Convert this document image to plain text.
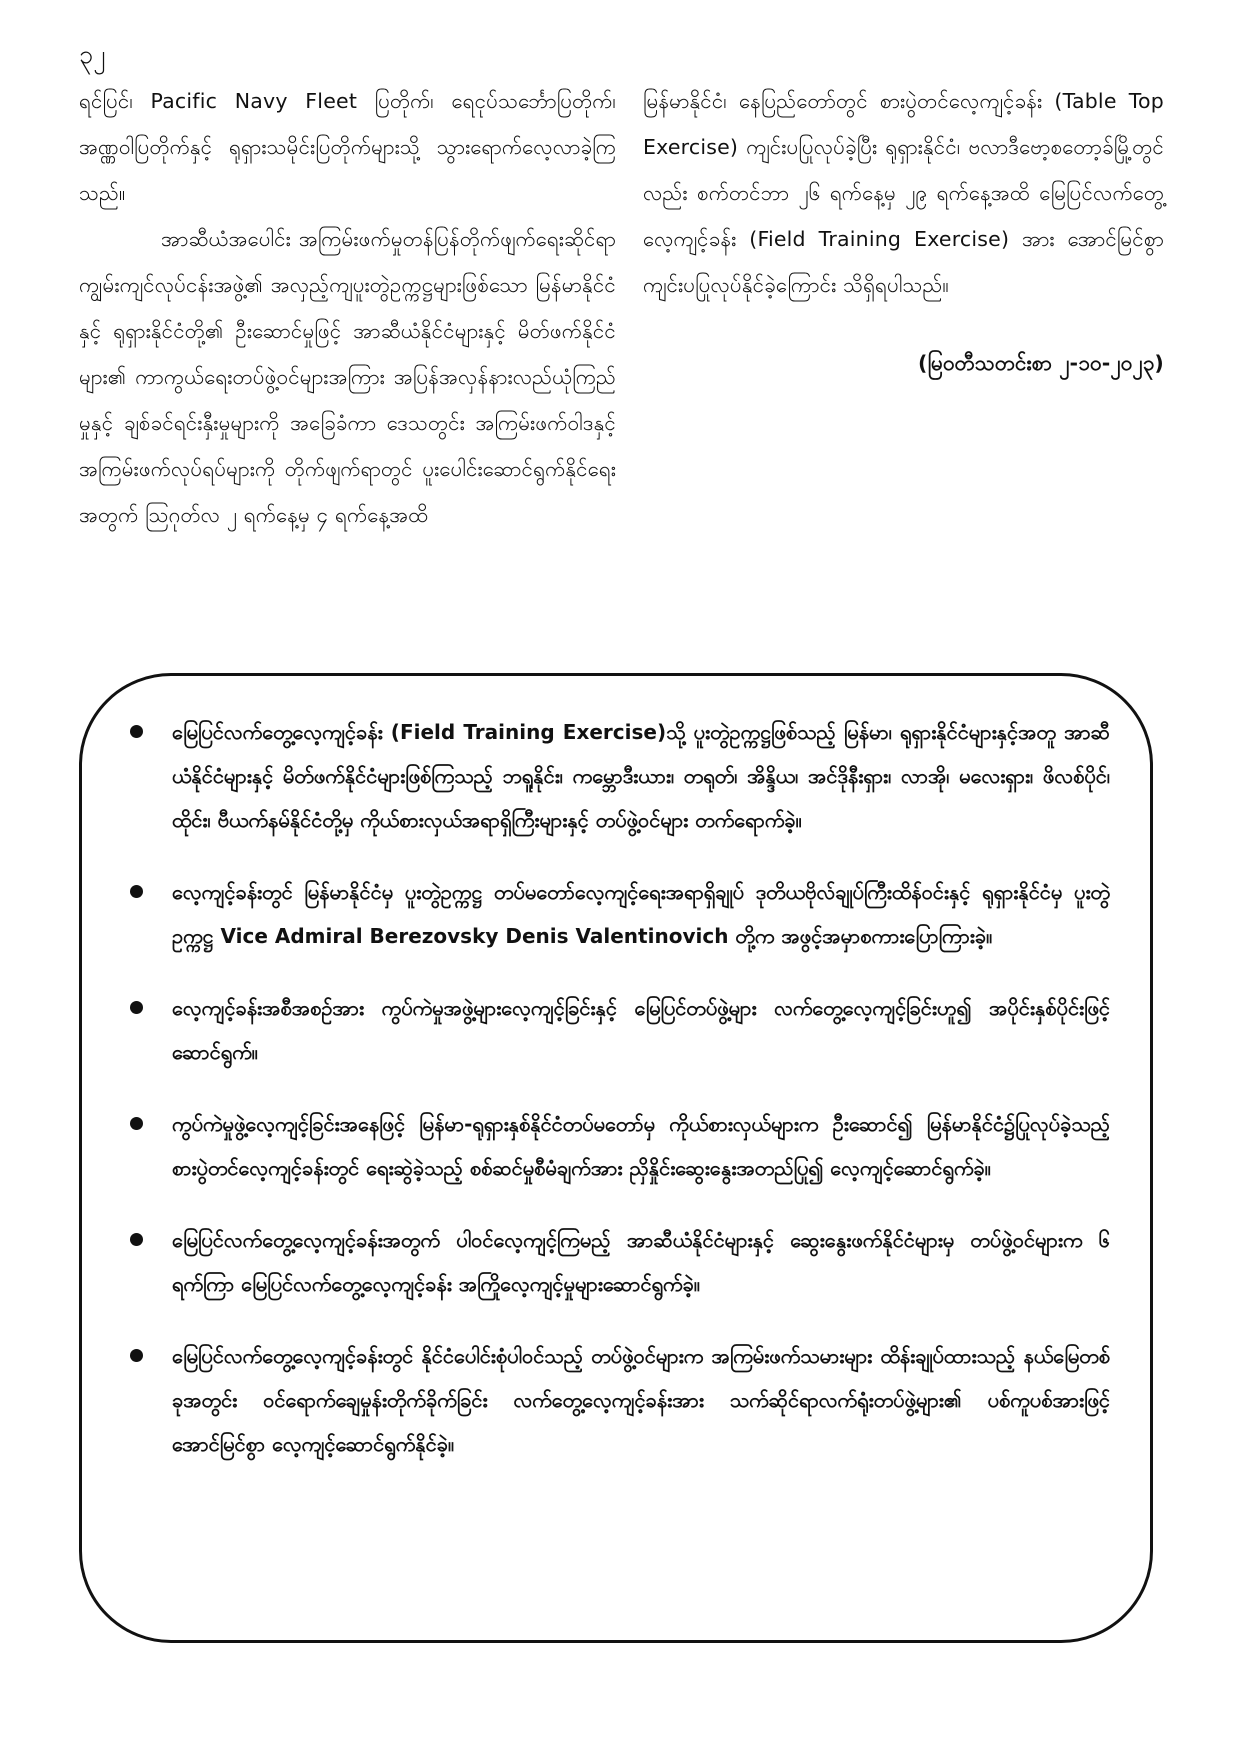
၃၂

ရင်ပြင်၊ Pacific Navy Fleet ပြတိုက်၊ ရေငုပ်သင်္ဘောပြတိုက်၊ အဏ္ဏဝါပြတိုက်နှင့် ရုရှားသမိုင်းပြတိုက်များသို့ သွားရောက်လေ့လာခဲ့ကြသည်။

အာဆီယံအပေါင်း အကြမ်းဖက်မှုတန်ပြန်တိုက်ဖျက်ရေးဆိုင်ရာ ကျွမ်းကျင်လုပ်ငန်းအဖွဲ့၏ အလှည့်ကျပူးတွဲဥက္ကဋ္ဌများဖြစ်သော မြန်မာနိုင်ငံနှင့် ရုရှားနိုင်ငံတို့၏ ဦးဆောင်မှုဖြင့် အာဆီယံနိုင်ငံများနှင့် မိတ်ဖက်နိုင်ငံများ၏ ကာကွယ်ရေးတပ်ဖွဲ့ဝင်များအကြား အပြန်အလှန်နားလည်ယုံကြည်မှုနှင့် ချစ်ခင်ရင်းနှီးမှုများကို အခြေခံကာ ဒေသတွင်း အကြမ်းဖက်ဝါဒနှင့် အကြမ်းဖက်လုပ်ရပ်များကို တိုက်ဖျက်ရာတွင် ပူးပေါင်းဆောင်ရွက်နိုင်ရေးအတွက် ဩဂုတ်လ ၂ ရက်နေ့မှ ၄ ရက်နေ့အထိ

မြန်မာနိုင်ငံ၊ နေပြည်တော်တွင် စားပွဲတင်လေ့ကျင့်ခန်း (Table Top Exercise) ကျင်းပပြုလုပ်ခဲ့ပြီး ရုရှားနိုင်ငံ၊ ဗလာဒီဗော့စတော့ခ်မြို့တွင်လည်း စက်တင်ဘာ ၂၆ ရက်နေ့မှ ၂၉ ရက်နေ့အထိ မြေပြင်လက်တွေ့လေ့ကျင့်ခန်း (Field Training Exercise) အား အောင်မြင်စွာ ကျင်းပပြုလုပ်နိုင်ခဲ့ကြောင်း သိရှိရပါသည်။

(မြဝတီသတင်းစာ ၂-၁၀-၂၀၂၃)

မြေပြင်လက်တွေ့လေ့ကျင့်ခန်း (Field Training Exercise)သို့ ပူးတွဲဥက္ကဋ္ဌဖြစ်သည့် မြန်မာ၊ ရုရှားနိုင်ငံများနှင့်အတူ အာဆီယံနိုင်ငံများနှင့် မိတ်ဖက်နိုင်ငံများဖြစ်ကြသည့် ဘရူနိုင်း၊ ကမ္ဘောဒီးယား၊ တရုတ်၊ အိန္ဒိယ၊ အင်ဒိုနီးရှား၊ လာအို၊ မလေးရှား၊ ဖိလစ်ပိုင်၊ ထိုင်း၊ ဗီယက်နမ်နိုင်ငံတို့မှ ကိုယ်စားလှယ်အရာရှိကြီးများနှင့် တပ်ဖွဲ့ဝင်များ တက်ရောက်ခဲ့။
လေ့ကျင့်ခန်းတွင် မြန်မာနိုင်ငံမှ ပူးတွဲဥက္ကဋ္ဌ တပ်မတော်လေ့ကျင့်ရေးအရာရှိချုပ် ဒုတိယဗိုလ်ချုပ်ကြီးထိန်ဝင်းနှင့် ရုရှားနိုင်ငံမှ ပူးတွဲဥက္ကဋ္ဌ Vice Admiral Berezovsky Denis Valentinovich တို့က အဖွင့်အမှာစကားပြောကြားခဲ့။
လေ့ကျင့်ခန်းအစီအစဉ်အား ကွပ်ကဲမှုအဖွဲ့များလေ့ကျင့်ခြင်းနှင့် မြေပြင်တပ်ဖွဲ့များ လက်တွေ့လေ့ကျင့်ခြင်းဟူ၍ အပိုင်းနှစ်ပိုင်းဖြင့် ဆောင်ရွက်။
ကွပ်ကဲမှုဖွဲ့လေ့ကျင့်ခြင်းအနေဖြင့် မြန်မာ-ရုရှားနှစ်နိုင်ငံတပ်မတော်မှ ကိုယ်စားလှယ်များက ဦးဆောင်၍ မြန်မာနိုင်ငံ၌ပြုလုပ်ခဲ့သည့် စားပွဲတင်လေ့ကျင့်ခန်းတွင် ရေးဆွဲခဲ့သည့် စစ်ဆင်မှုစီမံချက်အား ညှိနှိုင်းဆွေးနွေးအတည်ပြု၍ လေ့ကျင့်ဆောင်ရွက်ခဲ့။
မြေပြင်လက်တွေ့လေ့ကျင့်ခန်းအတွက် ပါဝင်လေ့ကျင့်ကြမည့် အာဆီယံနိုင်ငံများနှင့် ဆွေးနွေးဖက်နိုင်ငံများမှ တပ်ဖွဲ့ဝင်များက ၆ ရက်ကြာ မြေပြင်လက်တွေ့လေ့ကျင့်ခန်း အကြိုလေ့ကျင့်မှုများဆောင်ရွက်ခဲ့။
မြေပြင်လက်တွေ့လေ့ကျင့်ခန်းတွင် နိုင်ငံပေါင်းစုံပါဝင်သည့် တပ်ဖွဲ့ဝင်များက အကြမ်းဖက်သမားများ ထိန်းချုပ်ထားသည့် နယ်မြေတစ်ခုအတွင်း ဝင်ရောက်ချေမှုန်းတိုက်ခိုက်ခြင်း လက်တွေ့လေ့ကျင့်ခန်းအား သက်ဆိုင်ရာလက်ရုံးတပ်ဖွဲ့များ၏ ပစ်ကူပစ်အားဖြင့် အောင်မြင်စွာ လေ့ကျင့်ဆောင်ရွက်နိုင်ခဲ့။
